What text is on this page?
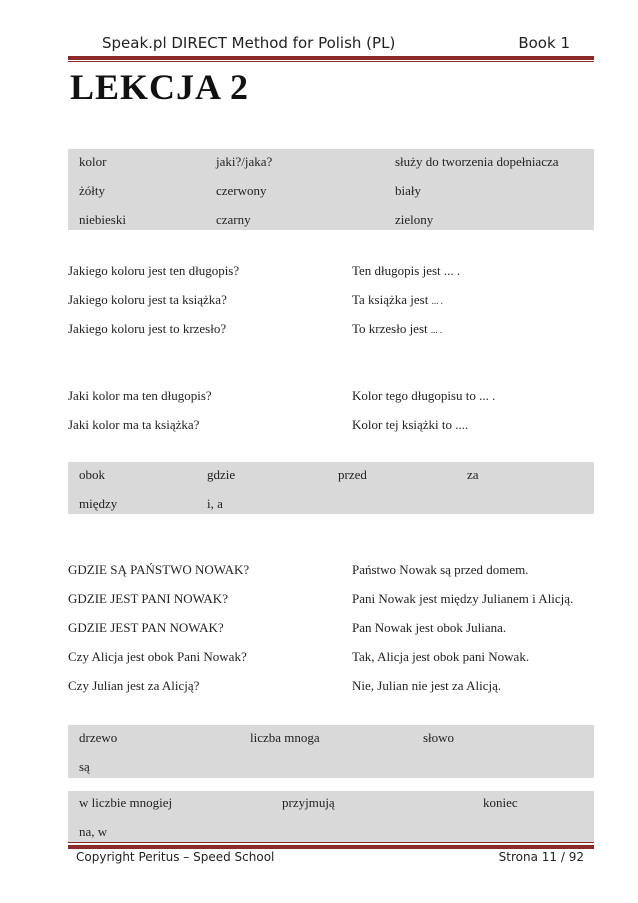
Speak.pl DIRECT Method for Polish (PL)	Book 1
LEKCJA 2
kolor	jaki?/jaka?	służy do tworzenia dopełniacza
żółty	czerwony	biały
niebieski	czarny	zielony
Jakiego koloru jest ten długopis?	Ten długopis jest ... .
Jakiego koloru jest ta książka?	Ta książka jest ... .
Jakiego koloru jest to krzesło?	To krzesło jest ... .
Jaki kolor ma ten długopis?	Kolor tego długopisu to ... .
Jaki kolor ma ta książka?	Kolor tej książki to ....
obok	gdzie	przed	za
między	i, a
GDZIE SĄ PAŃSTWO NOWAK?	Państwo Nowak są przed domem.
GDZIE JEST PANI NOWAK?	Pani Nowak jest między Julianem i Alicją.
GDZIE JEST PAN NOWAK?	Pan Nowak jest obok Juliana.
Czy Alicja jest obok Pani Nowak?	Tak, Alicja jest obok pani Nowak.
Czy Julian jest za Alicją?	Nie, Julian nie jest za Alicją.
drzewo	liczba mnoga	słowo
są
w liczbie mnogiej	przyjmują	koniec
na, w
Copyright Peritus – Speed School	Strona 11 / 92
